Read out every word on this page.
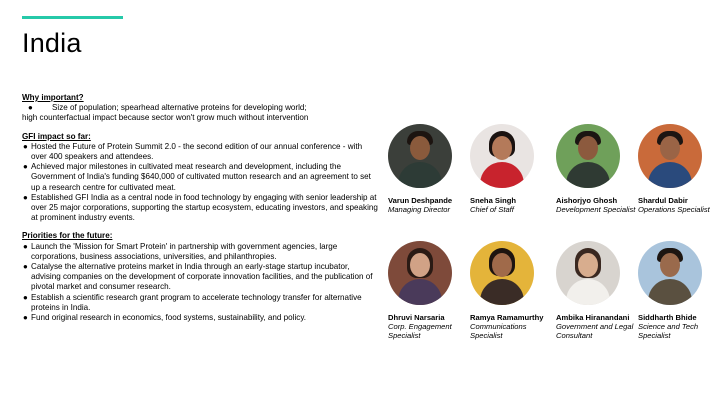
India

Why important?

●	Size of population; spearhead alternative proteins for developing world;
high counterfactual impact because sector won't grow much without intervention

GFI impact so far:

● Hosted the Future of Protein Summit 2.0 - the second edition of our annual conference - with over 400 speakers and attendees.
● Achieved major milestones in cultivated meat research and development, including the Government of India's funding $640,000 of cultivated mutton research and an agreement to set up a research centre for cultivated meat.
● Established GFI India as a central node in food technology by engaging with senior leadership at over 25 major corporations, supporting the startup ecosystem, educating investors, and speaking at prominent industry events.

Priorities for the future:

● Launch the 'Mission for Smart Protein' in partnership with government agencies, large corporations, business associations, universities, and philanthropies.
● Catalyse the alternative proteins market in India through an early-stage startup incubator, advising companies on the development of corporate innovation facilities, and the publication of pivotal market and consumer research.
● Establish a scientific research grant program to accelerate technology transfer for alternative proteins in India.
● Fund original research in economics, food systems, sustainability, and policy.
Varun Deshpande
Managing Director
Sneha Singh
Chief of Staff
Aishorjyo Ghosh
Development Specialist
Shardul Dabir
Operations Specialist
Dhruvi Narsaria
Corp. Engagement Specialist
Ramya Ramamurthy
Communications Specialist
Ambika Hiranandani
Government and Legal Consultant
Siddharth Bhide
Science and Tech Specialist
